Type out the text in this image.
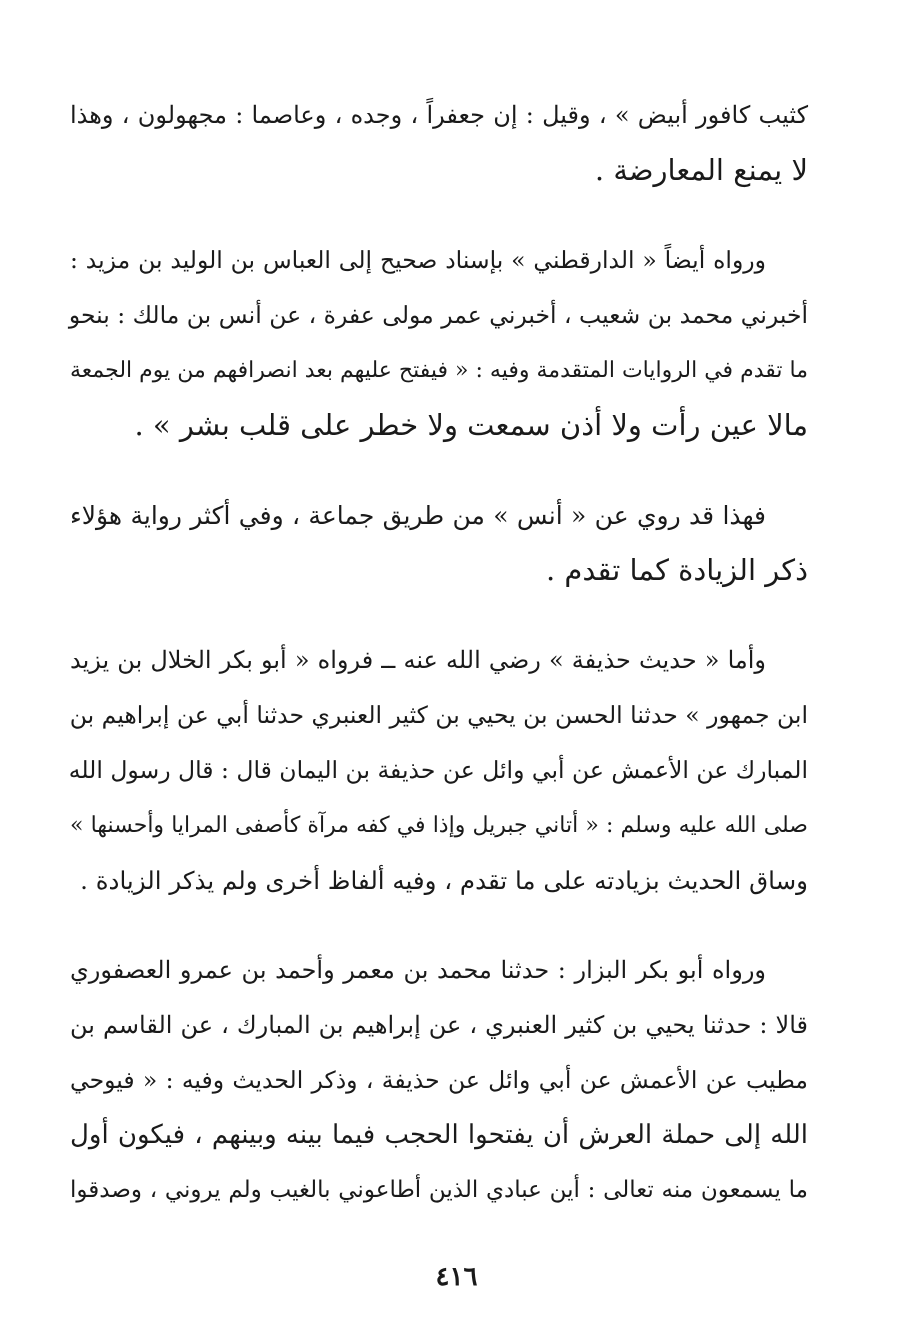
كثيب كافور أبيض » ، وقيل : إن جعفراً ، وجده ، وعاصما : مجهولون ، وهذا
لا يمنع المعارضة .
ورواه أيضاً « الدارقطني » بإسناد صحيح إلى العباس بن الوليد بن مزيد :
أخبرني محمد بن شعيب ، أخبرني عمر مولى عفرة ، عن أنس بن مالك : بنحو
ما تقدم في الروايات المتقدمة وفيه : « فيفتح عليهم بعد انصرافهم من يوم الجمعة
مالا عين رأت ولا أذن سمعت ولا خطر على قلب بشر » .
فهذا قد روي عن « أنس » من طريق جماعة ، وفي أكثر رواية هؤلاء
ذكر الزيادة كما تقدم .
وأما « حديث حذيفة » رضي الله عنه ــ فرواه « أبو بكر الخلال بن يزيد
ابن جمهور » حدثنا الحسن بن يحيي بن كثير العنبري حدثنا أبي عن إبراهيم بن
المبارك عن الأعمش عن أبي وائل عن حذيفة بن اليمان قال : قال رسول الله
صلى الله عليه وسلم : « أتاني جبريل وإذا في كفه مرآة كأصفى المرايا وأحسنها »
وساق الحديث بزيادته على ما تقدم ، وفيه ألفاظ أخرى ولم يذكر الزيادة .
ورواه أبو بكر البزار : حدثنا محمد بن معمر وأحمد بن عمرو العصفوري
قالا : حدثنا يحيي بن كثير العنبري ، عن إبراهيم بن المبارك ، عن القاسم بن
مطيب عن الأعمش عن أبي وائل عن حذيفة ، وذكر الحديث وفيه : « فيوحي
الله إلى حملة العرش أن يفتحوا الحجب فيما بينه وبينهم ، فيكون أول
ما يسمعون منه تعالى : أين عبادي الذين أطاعوني بالغيب ولم يروني ، وصدقوا
٤١٦
